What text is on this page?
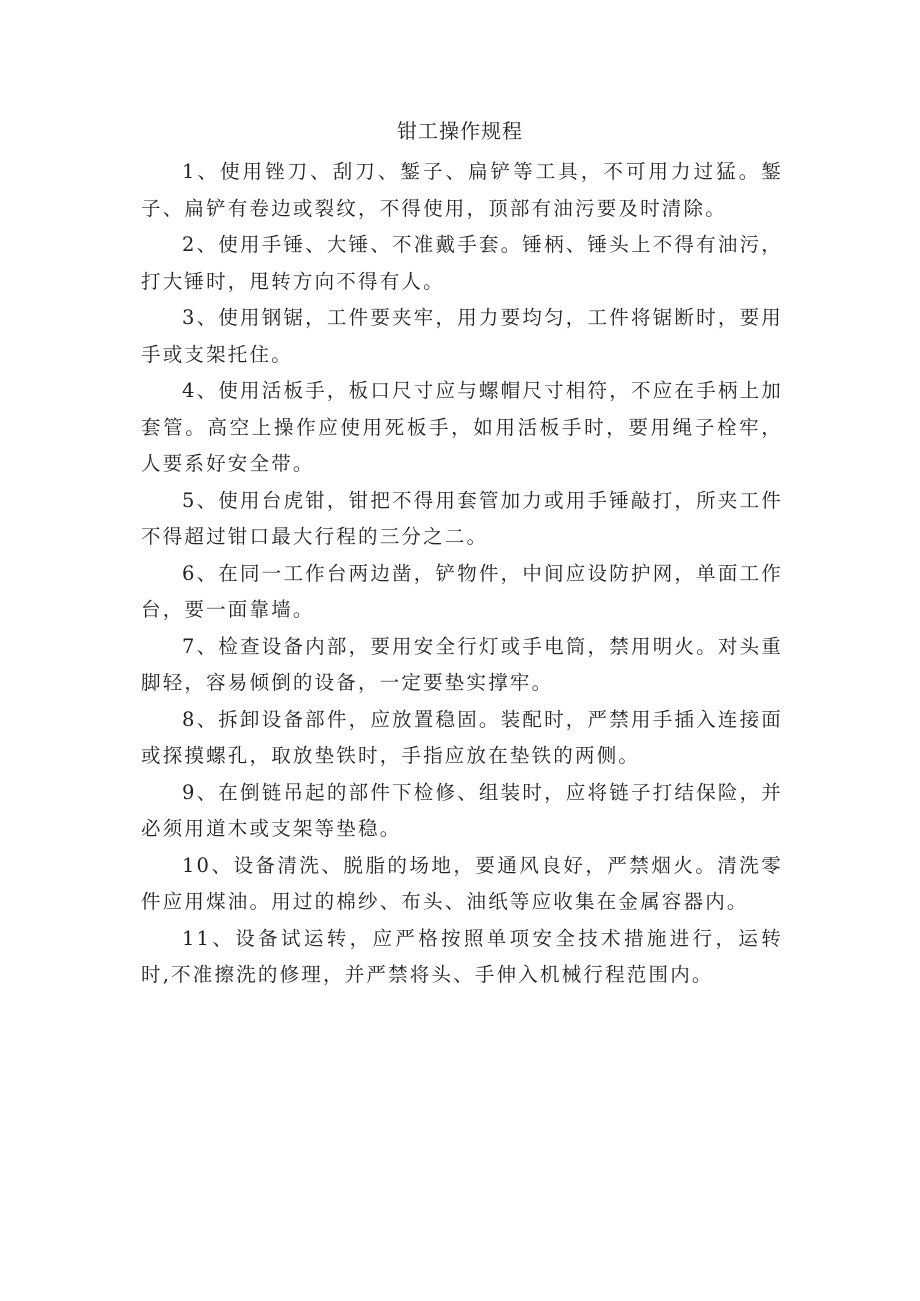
钳工操作规程

1、使用锉刀、刮刀、錾子、扁铲等工具，不可用力过猛。錾子、扁铲有卷边或裂纹，不得使用，顶部有油污要及时清除。

2、使用手锤、大锤、不准戴手套。锤柄、锤头上不得有油污，打大锤时，甩转方向不得有人。

3、使用钢锯，工件要夹牢，用力要均匀，工件将锯断时，要用手或支架托住。

4、使用活板手，板口尺寸应与螺帽尺寸相符，不应在手柄上加套管。高空上操作应使用死板手，如用活板手时，要用绳子栓牢，人要系好安全带。

5、使用台虎钳，钳把不得用套管加力或用手锤敲打，所夹工件不得超过钳口最大行程的三分之二。

6、在同一工作台两边凿，铲物件，中间应设防护网，单面工作台，要一面靠墙。

7、检查设备内部，要用安全行灯或手电筒，禁用明火。对头重脚轻，容易倾倒的设备，一定要垫实撑牢。

8、拆卸设备部件，应放置稳固。装配时，严禁用手插入连接面或探摸螺孔，取放垫铁时，手指应放在垫铁的两侧。

9、在倒链吊起的部件下检修、组装时，应将链子打结保险，并必须用道木或支架等垫稳。

10、设备清洗、脱脂的场地，要通风良好，严禁烟火。清洗零件应用煤油。用过的棉纱、布头、油纸等应收集在金属容器内。

11、设备试运转，应严格按照单项安全技术措施进行，运转时,不准擦洗的修理，并严禁将头、手伸入机械行程范围内。
